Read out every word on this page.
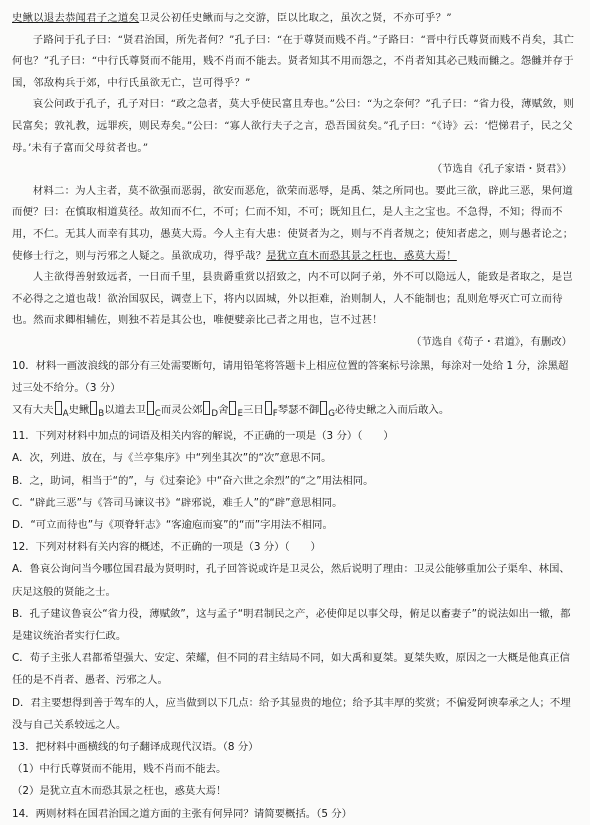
史鳅以退去恭闻君子之道矣卫灵公初任史鳅而与之交游，臣以比取之，虽次之贤，不亦可乎？”

子路问于孔子曰：“贤君治国，所先者何？”孔子曰：“在于尊贤而贱不肖。”子路曰：“晋中行氏尊贤而贱不肖矣，其亡何也？”孔子曰：“中行氏尊贤而不能用，贱不肖而不能去。贤者知其不用而怨之，不肖者知其必己贱而雠之。怨雠并存于国，邻敌构兵于郊，中行氏虽欲无亡，岂可得乎？”

哀公问政于孔子，孔子对曰：“政之急者，莫大乎使民富且寿也。”公曰：“为之奈何？”孔子曰：“省力役，薄赋敛，则民富矣；敦礼教，远罪疾，则民寿矣。”公曰：“寡人欲行夫子之言，恐吾国贫矣。”孔子曰：“《诗》云：‘恺悌君子，民之父母。’未有子富而父母贫者也。”

（节选自《孔子家语・贤君》）

材料二：为人主者，莫不欲强而恶弱，欲安而恶危，欲荣而恶辱，是禹、桀之所同也。要此三欲，辟此三恶，果何道而便？曰：在慎取相道莫径。故知而不仁，不可；仁而不知，不可；既知且仁，是人主之宝也。不急得，不知；得而不用，不仁。无其人而幸有其功，愚莫大焉。今人主有大患：使贤者为之，则与不肖者规之；使知者虑之，则与愚者论之；使修士行之，则与污邪之人疑之。虽欲成功，得乎哉？是犹立直木而恐其景之枉也，惑莫大焉！

人主欲得善射致远者，一日而千里，县贵爵重赏以招致之，内不可以阿子弟，外不可以隐远人，能致是者取之，是岂不必得之之道也哉！欲治国驭民，调壹上下，将内以固城，外以拒难，治则制人，人不能制也；乱则危辱灭亡可立而待也。然而求卿相辅佐，则独不若是其公也，唯便嬖亲比己者之用也，岂不过甚！

（节选自《荀子・君道》，有删改）

10．材料一画波浪线的部分有三处需要断句，请用铅笔将答题卡上相应位置的答案标号涂黑，每涂对一处给 1 分，涂黑超过三处不给分。（3 分）

又有大夫 $_A$史鳅 $_B$以道去卫 $_C$而灵公郊 $_D$舍 $_E$三日 $_F$琴瑟不御 $_G$必待史鳅之入而后敢入。

11．下列对材料中加点的词语及相关内容的解说，不正确的一项是（3 分）（　　）

A．次，列进、放在，与《兰亭集序》中“列坐其次”的“次”意思不同。

B．之，助词，相当于“的”，与《过秦论》中“奋六世之余烈”的“之”用法相同。

C．“辟此三恶”与《答司马谏议书》“辟邪说，难壬人”的“辟”意思相同。

D．“可立而待也”与《项脊轩志》“客逾庖而宴”的“而”字用法不相同。

12．下列对材料有关内容的概述，不正确的一项是（3 分）（　　）

A．鲁哀公询问当今哪位国君最为贤明时，孔子回答说或许是卫灵公，然后说明了理由：卫灵公能够重加公子渠牟、林国、庆足这般的贤能之士。

B．孔子建议鲁哀公“省力役，薄赋敛”，这与孟子“明君制民之产，必使仰足以事父母，俯足以畜妻子”的说法如出一辙，都是建议统治者实行仁政。

C．荀子主张人君都希望强大、安定、荣耀，但不同的君主结局不同，如大禹和夏桀。夏桀失败，原因之一大概是他真正信任的是不肖者、愚者、污邪之人。

D．君主要想得到善于驾车的人，应当做到以下几点：给予其显贵的地位；给予其丰厚的奖赏；不偏爱阿谀奉承之人；不埋没与自己关系较远之人。

13．把材料中画横线的句子翻译成现代汉语。（8 分）

（1）中行氏尊贤而不能用，贱不肖而不能去。

（2）是犹立直木而恐其景之枉也，惑莫大焉！

14．两则材料在国君治国之道方面的主张有何异同？请简要概括。（5 分）
